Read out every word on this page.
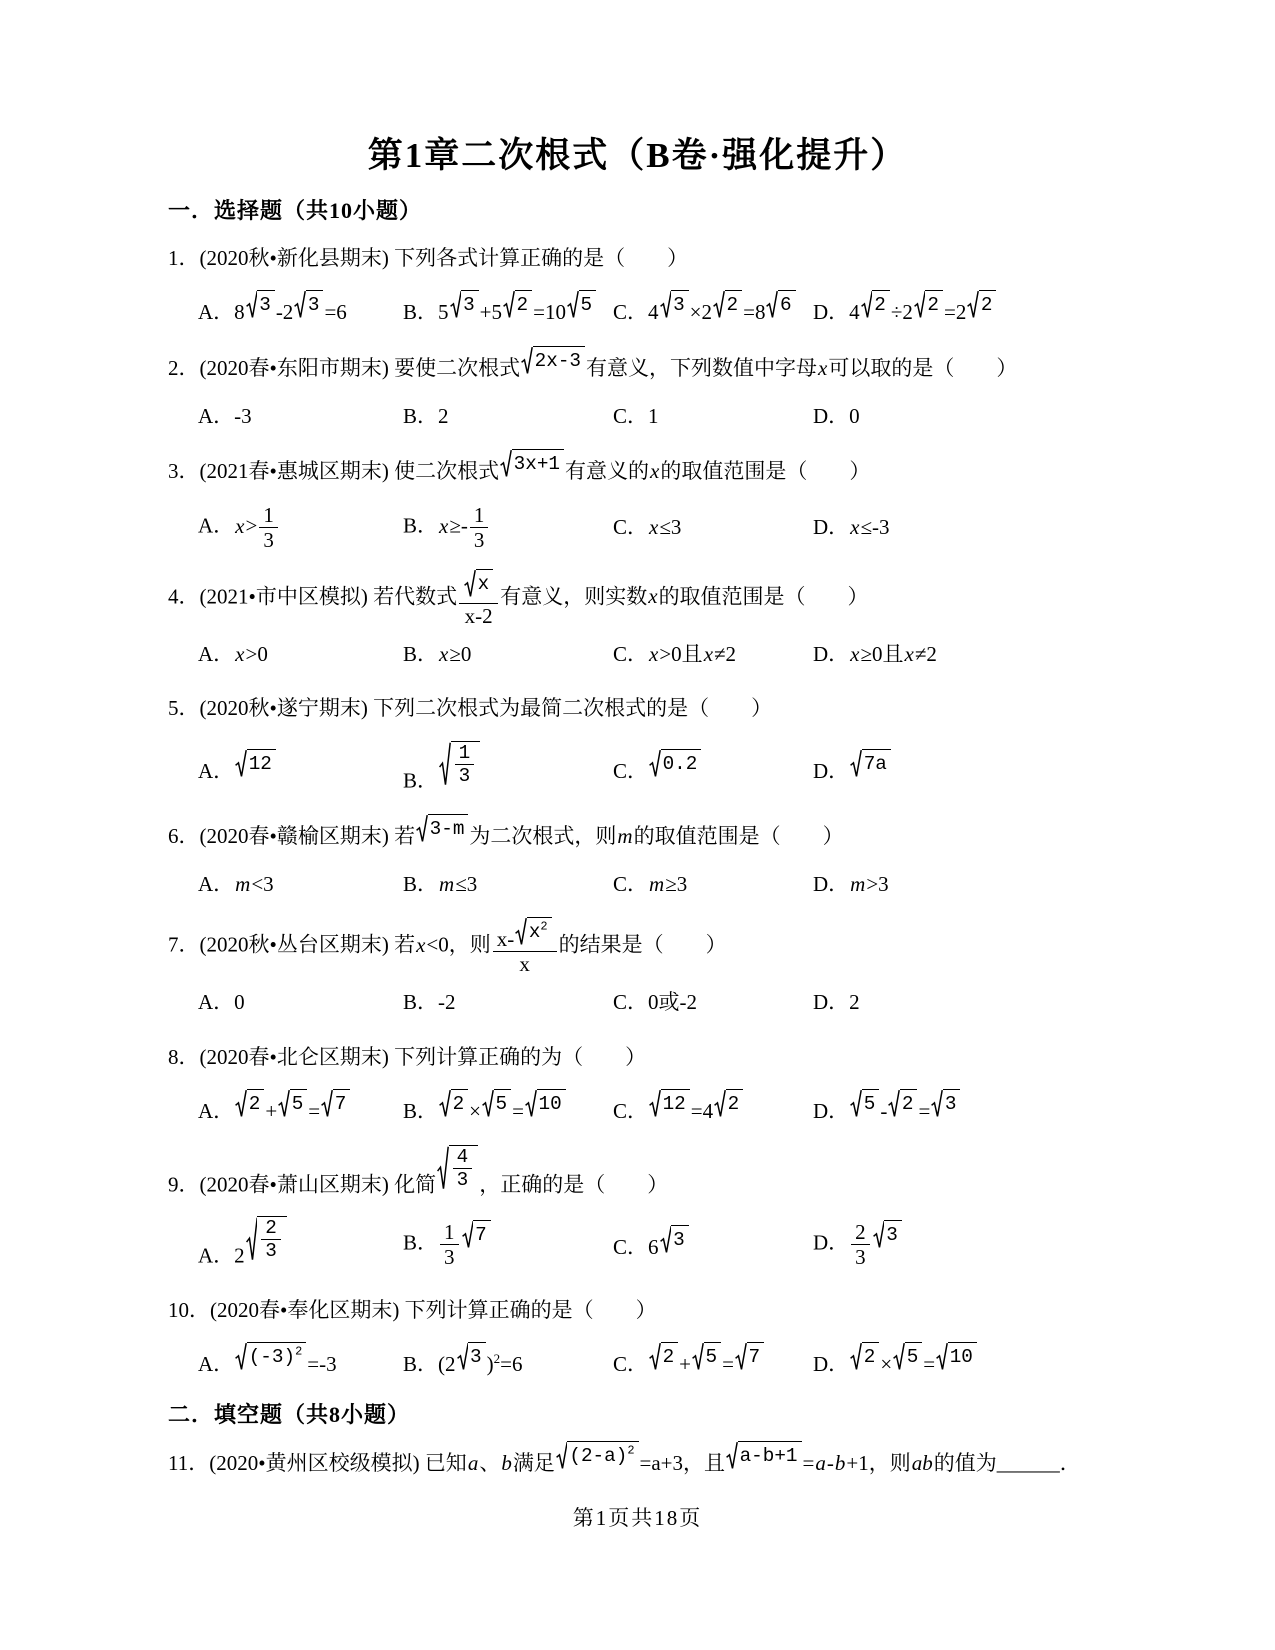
第1章二次根式（B卷·强化提升）
一．选择题（共10小题）
1．(2020秋•新化县期末) 下列各式计算正确的是（　　）
A．8 3 -2 3 =6	B．5 3 +5 2 =10 5 C．4 3 ×2 2 =8 6 D．4 2 ÷2 2 =2 2
2．(2020春•东阳市期末) 要使二次根式 2x-3 有意义，下列数值中字母x可以取的是（　　）
A．-3	B．2	C．1	D．0
3．(2021春•惠城区期末) 使二次根式 3x+1 有意义的x的取值范围是（　　）
A．$x> \frac{1}{3}$	B．$x\ge- \frac{1}{3}$	C．x≤3	D．x≤-3
4．(2021•市中区模拟) 若代数式 $\frac{x}{x-2}$ 有意义，则实数x的取值范围是（　　）
A．x>0	B．x≥0	C．x>0且x≠2	D．x≥0且x≠2
5．(2020秋•遂宁期末) 下列二次根式为最简二次根式的是（　　）
A． 12
B． $\frac{1}{3}$	C． 0.2	D． 7a
6．(2020春•赣榆区期末) 若 3-m 为二次根式，则m的取值范围是（　　）
A．m<3	B．m≤3	C．m≥3	D．m>3
7．(2020秋•丛台区期末) 若x<0，则 $\frac{x- x^2}{x}$ 的结果是（　　）
A．0	B．-2	C．0或-2	D．2
8．(2020春•北仑区期末) 下列计算正确的为（　　）
A． 2 + 5 = 7	B． 2 × 5 = 10 C． 12 =4 2	D． 5 - 2 = 3
9．(2020春•萧山区期末) 化简 $\frac{4}{3}$ ，正确的是（　　）
A．$2 \frac{2}{3}$	B． $\frac{1}{3} 7$	C．6 3	D． $\frac{2}{3} 3$
10．(2020春•奉化区期末) 下列计算正确的是（　　）
A． $(-3)^2$
=-3	B．(2 3 )$^2$=6	C． 2 + 5 = 7	D． 2 × 5 = 10
二．填空题（共8小题）
11．(2020•黄州区校级模拟) 已知a、b满足 $(2-a)^2$
=a+3，且 a-b+1 =a-b+1，则ab的值为______．
第1页共18页
